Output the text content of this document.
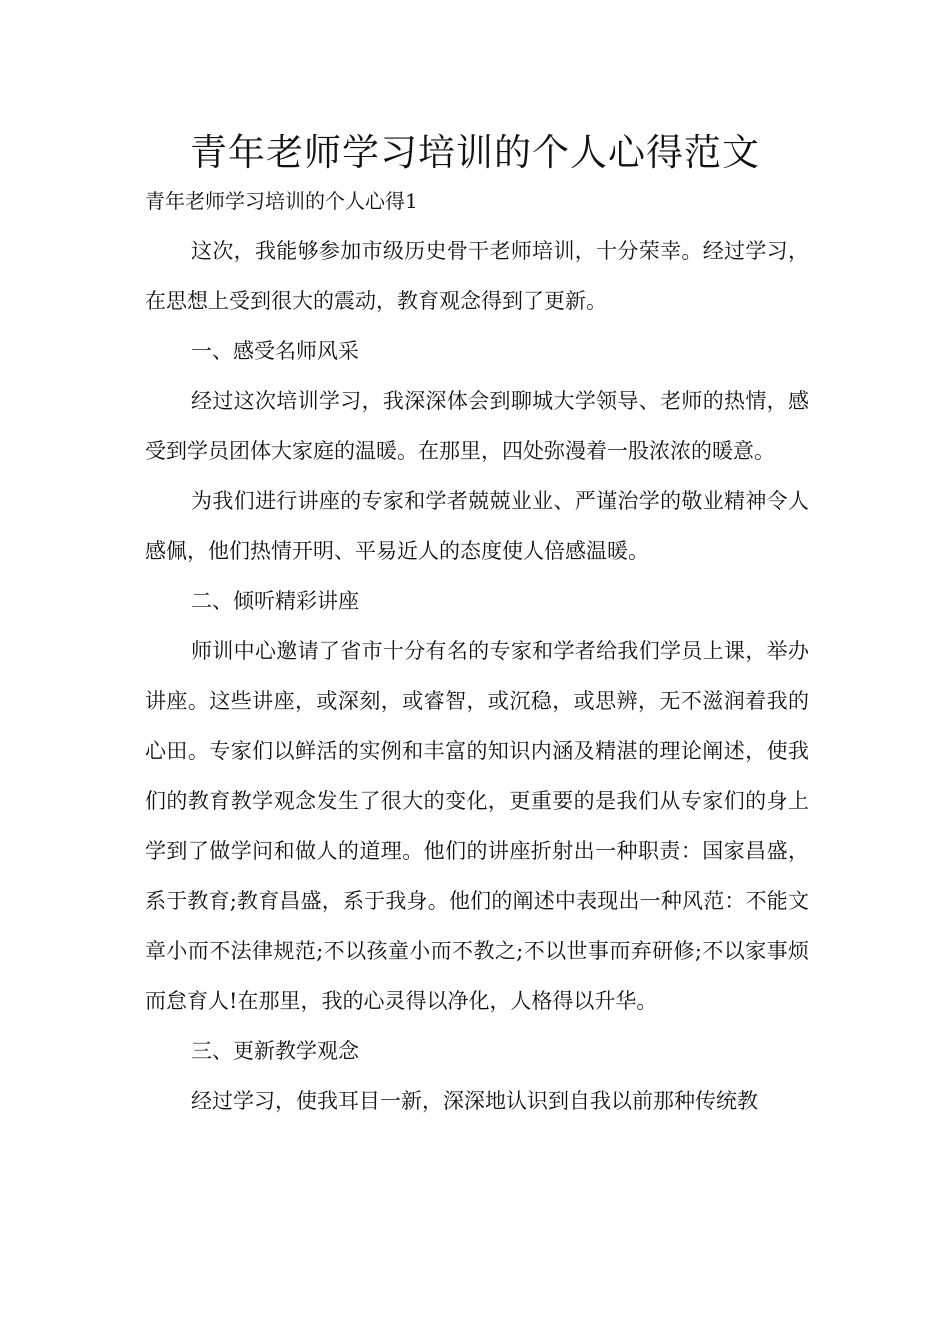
青年老师学习培训的个人心得范文

青年老师学习培训的个人心得1

这次，我能够参加市级历史骨干老师培训，十分荣幸。经过学习，在思想上受到很大的震动，教育观念得到了更新。

一、感受名师风采

经过这次培训学习，我深深体会到聊城大学领导、老师的热情，感受到学员团体大家庭的温暖。在那里，四处弥漫着一股浓浓的暖意。

为我们进行讲座的专家和学者兢兢业业、严谨治学的敬业精神令人感佩，他们热情开明、平易近人的态度使人倍感温暖。

二、倾听精彩讲座

师训中心邀请了省市十分有名的专家和学者给我们学员上课，举办讲座。这些讲座，或深刻，或睿智，或沉稳，或思辨，无不滋润着我的心田。专家们以鲜活的实例和丰富的知识内涵及精湛的理论阐述，使我们的教育教学观念发生了很大的变化，更重要的是我们从专家们的身上学到了做学问和做人的道理。他们的讲座折射出一种职责：国家昌盛，系于教育;教育昌盛，系于我身。他们的阐述中表现出一种风范：不能文章小而不法律规范;不以孩童小而不教之;不以世事而弃研修;不以家事烦而怠育人!在那里，我的心灵得以净化，人格得以升华。

三、更新教学观念

经过学习，使我耳目一新，深深地认识到自我以前那种传统教
